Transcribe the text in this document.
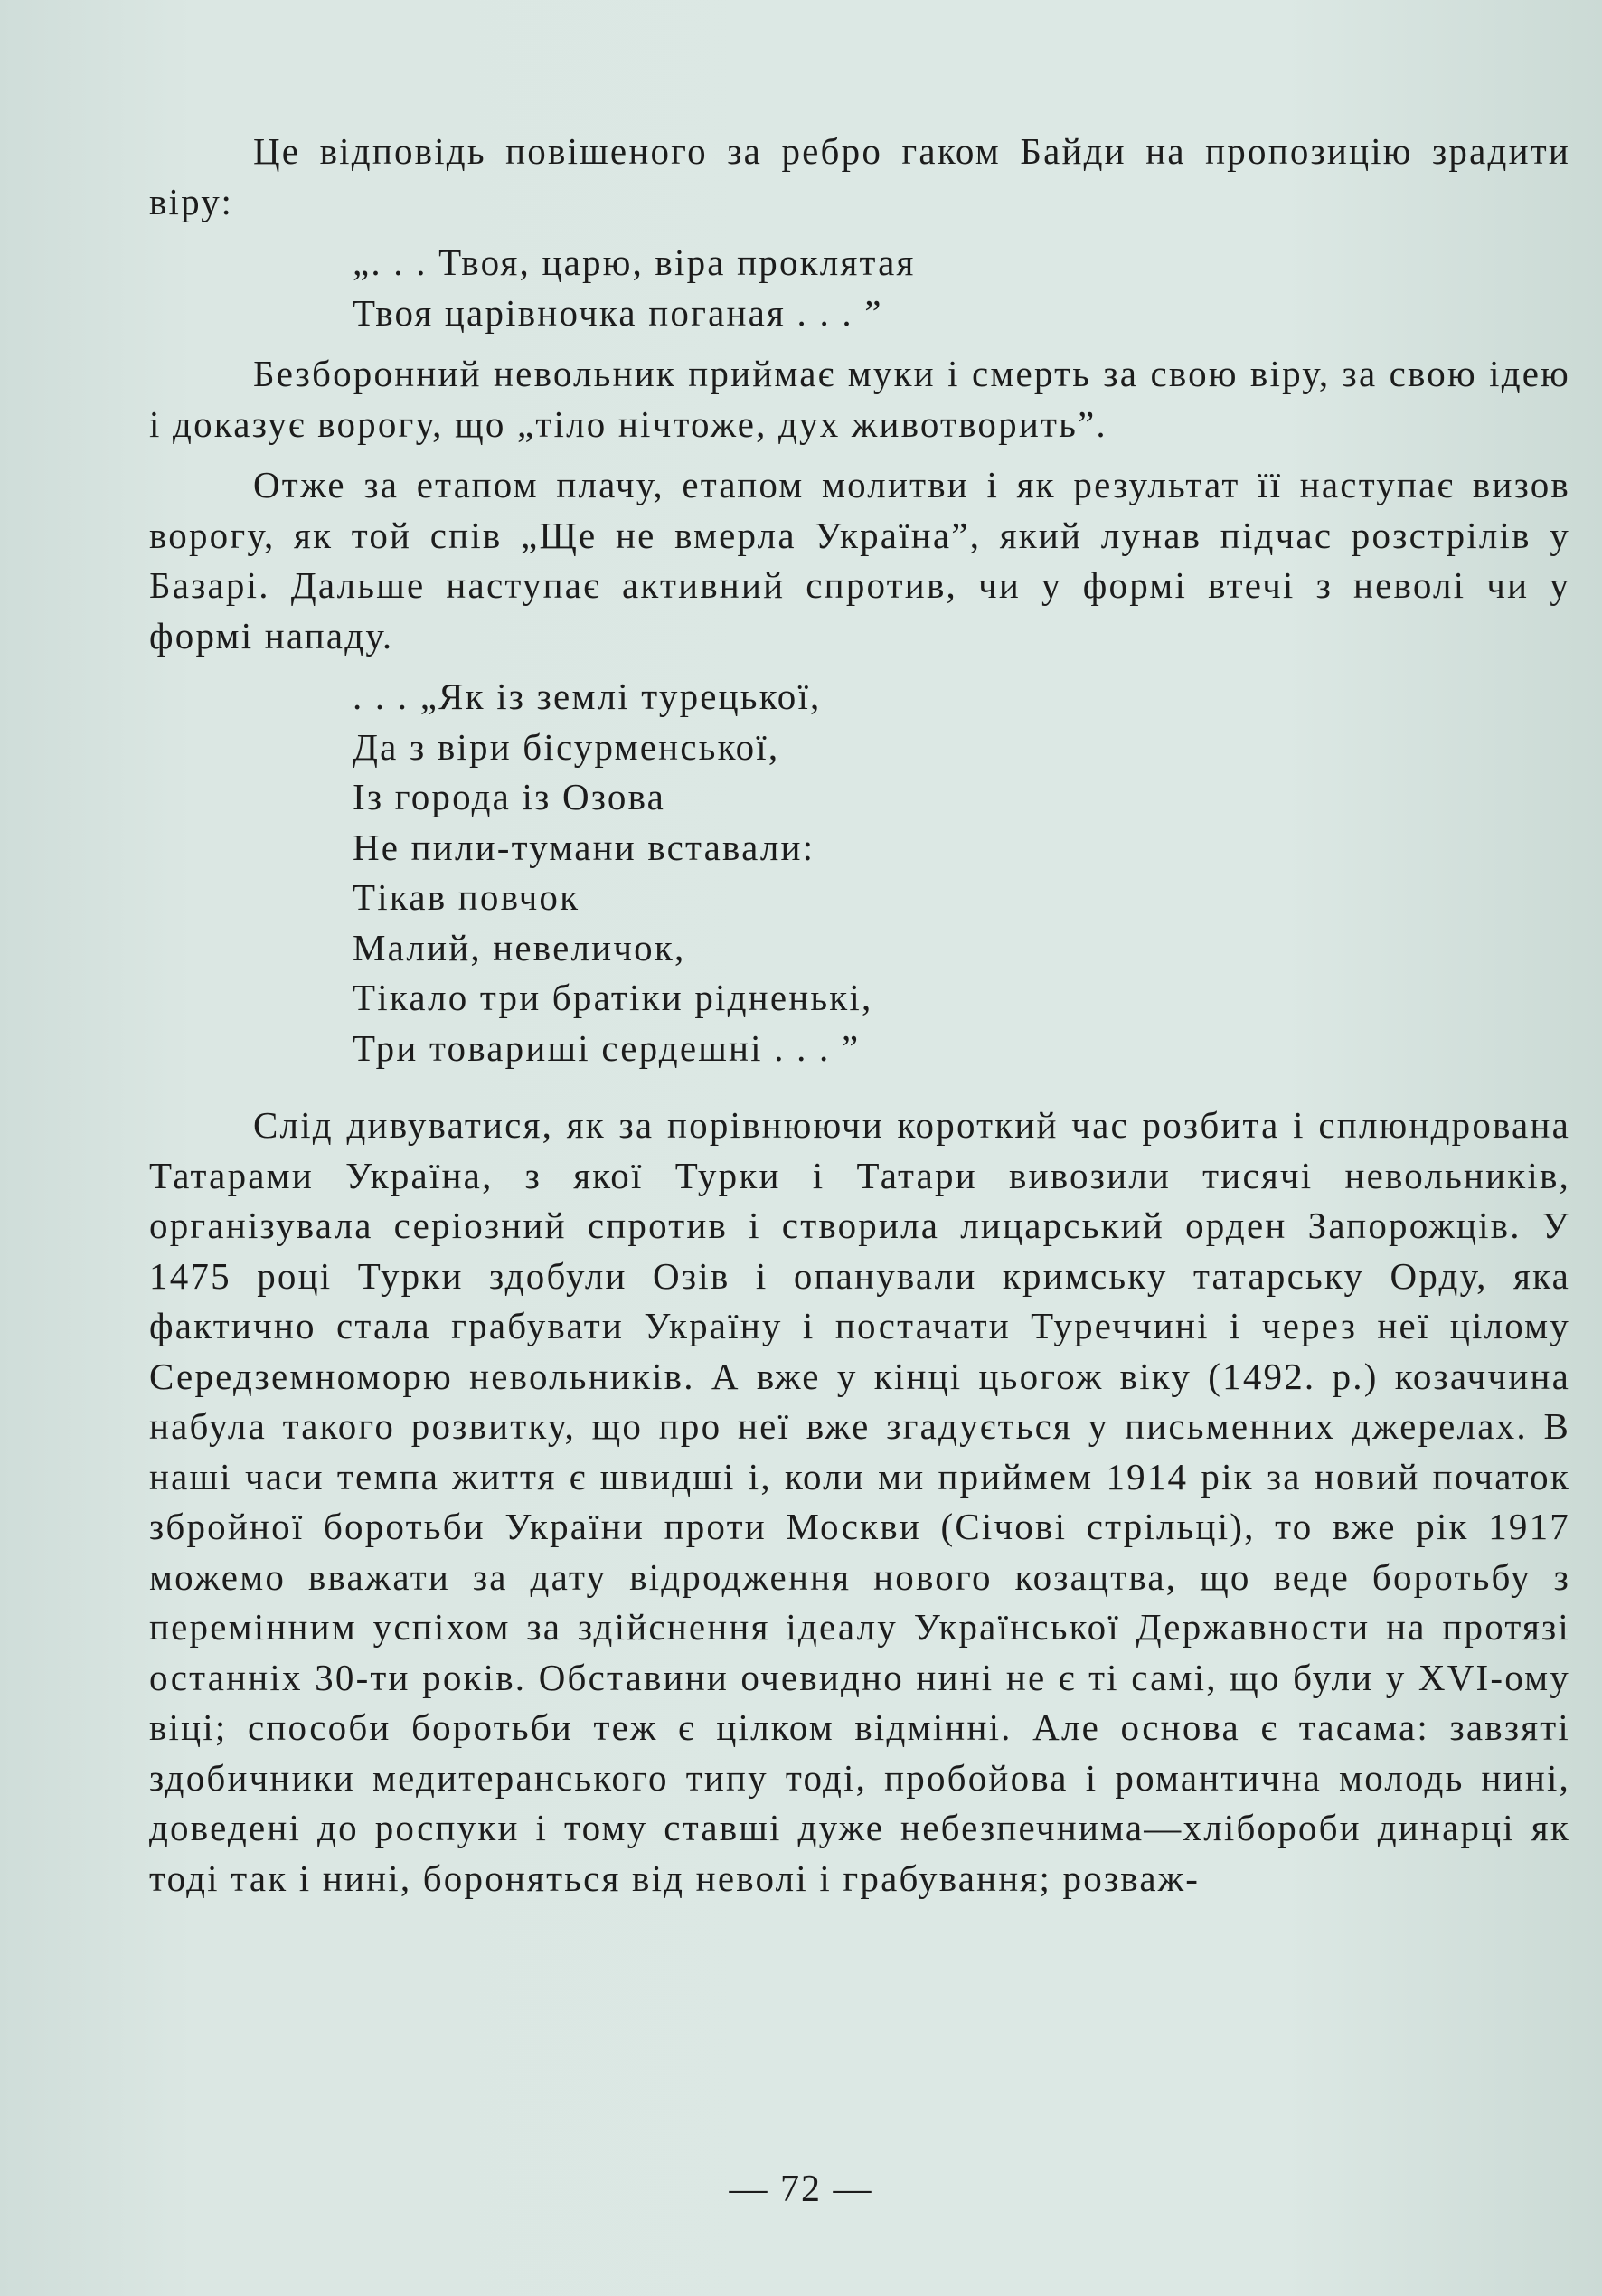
Це відповідь повішеного за ребро гаком Байди на пропозицію зрадити віру:

„. . . Твоя, царю, віра проклятая
Твоя царівночка поганая . . . ”

Безборонний невольник приймає муки і смерть за свою віру, за свою ідею і доказує ворогу, що „тіло нічтоже, дух животворить”.

Отже за етапом плачу, етапом молитви і як результат її наступає визов ворогу, як той спів „Ще не вмерла Україна”, який лунав підчас розстрілів у Базарі. Дальше наступає активний спротив, чи у формі втечі з неволі чи у формі нападу.

. . . „Як із землі турецької,
Да з віри бісурменської,
Із города із Озова
Не пили-тумани вставали:
Тікав повчок
Малий, невеличок,
Тікало три братіки рідненькі,
Три товариші сердешні . . . ”

Слід дивуватися, як за порівнюючи короткий час розбита і сплюндрована Татарами Україна, з якої Турки і Татари вивозили тисячі невольників, організувала серіозний спротив і створила лицарський орден Запорожців. У 1475 році Турки здобули Озів і опанували кримську татарську Орду, яка фактично стала грабувати Україну і постачати Туреччині і через неї цілому Середземноморю невольників. А вже у кінці цьогож віку (1492. р.) козаччина набула такого розвитку, що про неї вже згадується у письменних джерелах. В наші часи темпа життя є швидші і, коли ми приймем 1914 рік за новий початок збройної боротьби України проти Москви (Січові стрільці), то вже рік 1917 можемо вважати за дату відродження нового козацтва, що веде боротьбу з перемінним успіхом за здійснення ідеалу Української Державности на протязі останніх 30-ти років. Обставини очевидно нині не є ті самі, що були у XVI-ому віці; способи боротьби теж є цілком відмінні. Але основа є тасама: завзяті здобичники медитеранського типу тоді, пробойова і романтична молодь нині, доведені до роспуки і тому ставші дуже небезпечнима—хлібороби динарці як тоді так і нині, бороняться від неволі і грабування; розваж-

— 72 —
